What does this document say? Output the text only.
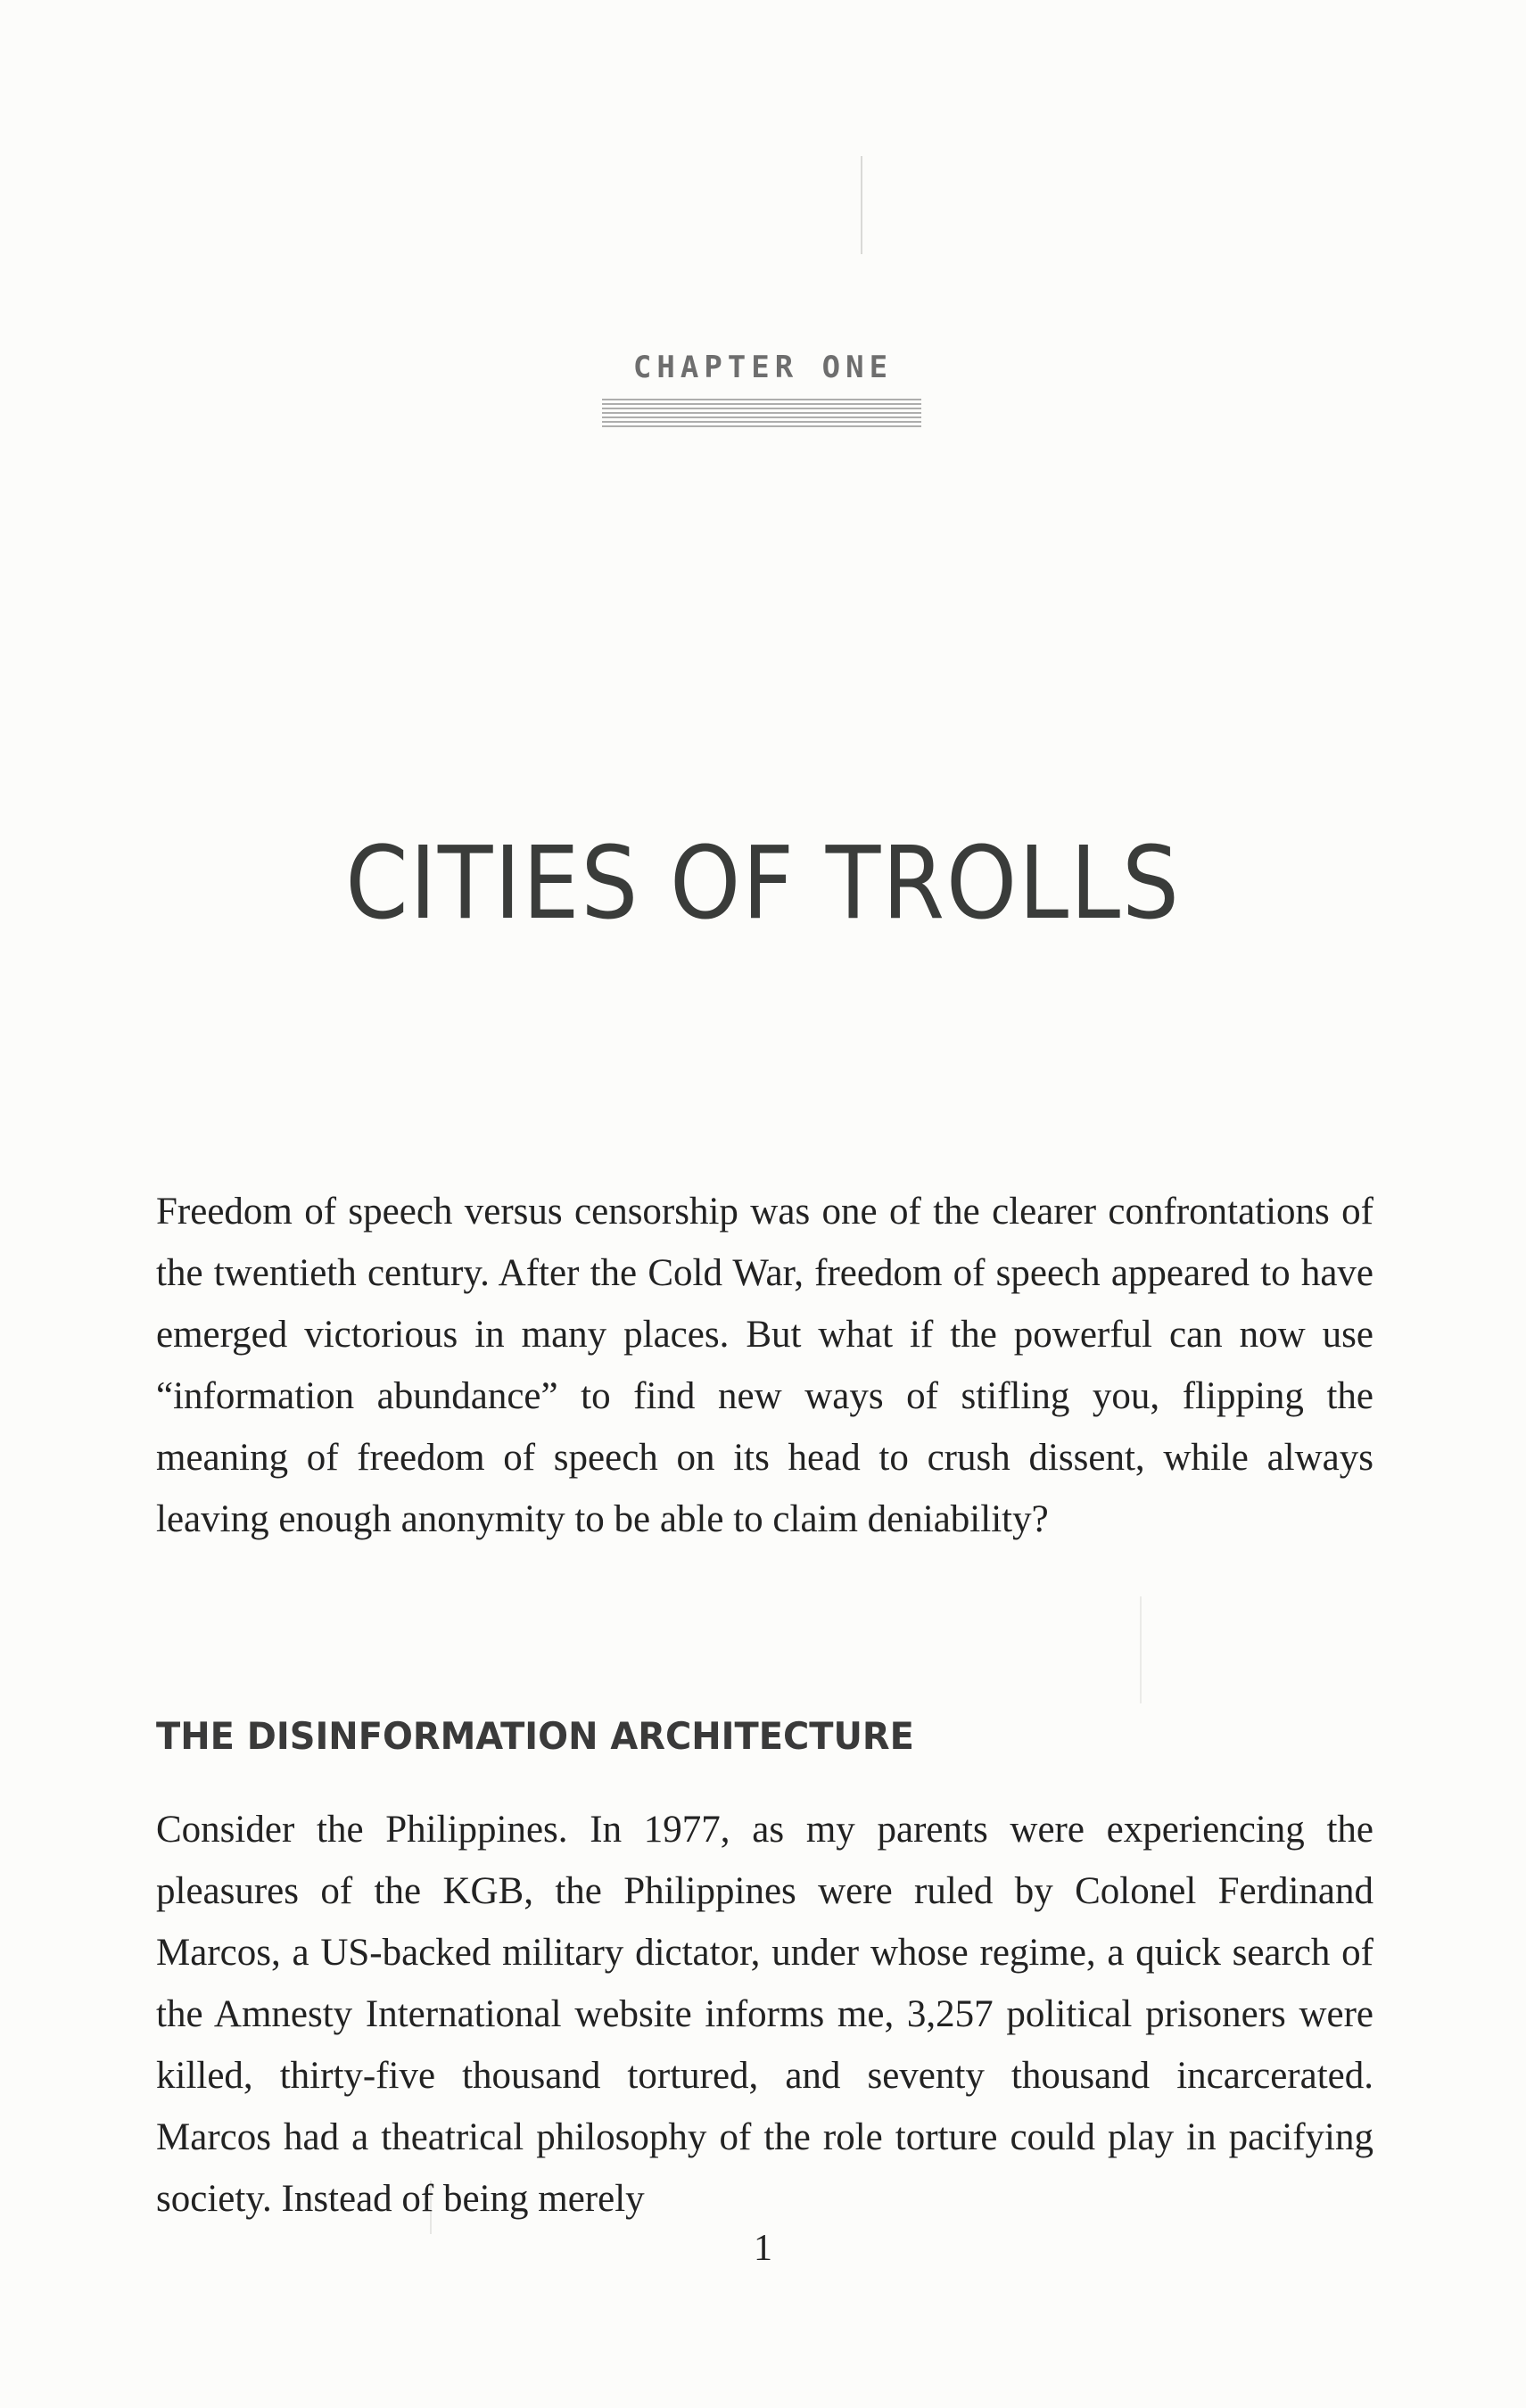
CHAPTER ONE
CITIES OF TROLLS

Freedom of speech versus censorship was one of the clearer confrontations of the twentieth century. After the Cold War, freedom of speech appeared to have emerged victorious in many places. But what if the powerful can now use “information abundance” to find new ways of stifling you, flipping the meaning of freedom of speech on its head to crush dissent, while always leaving enough anonymity to be able to claim deniability?

THE DISINFORMATION ARCHITECTURE

Consider the Philippines. In 1977, as my parents were experiencing the pleasures of the KGB, the Philippines were ruled by Colonel Ferdinand Marcos, a US-backed military dictator, under whose regime, a quick search of the Amnesty International website informs me, 3,257 political prisoners were killed, thirty-five thousand tortured, and seventy thousand incarcerated. Marcos had a theatrical philosophy of the role torture could play in pacifying society. Instead of being merely

1
